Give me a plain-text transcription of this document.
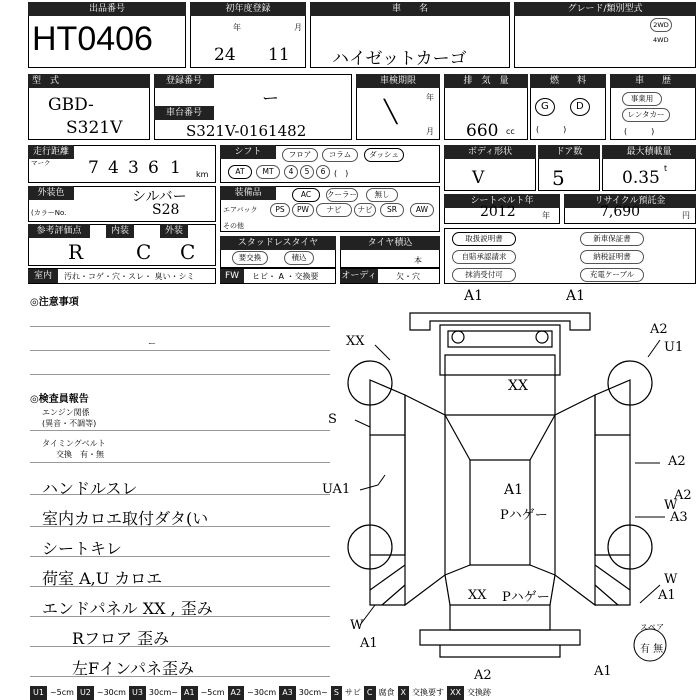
出品番号
HT0406
初年度登録
年	月
24 11
車　　名
ハイゼットカーゴ
グレード/類別型式
2WD
4WD
型　式
GBD-
S321V
登録番号
ー
車台番号
S321V-0161482
車検期限
年
月
╲
排　気　量
660 cc
燃　　料
G	D
(　　　)
車　　歴
事業用
レンタカー
(　　　)
走行距離
マーク 7 4 3 6 1 km
シフト	フロア	コラム	ダッシュ
AT	MT	4	5	6	(　)
ボディ形状
V
ドア数
5
最大積載量
0.35 t
外装色	シルバー
(カラーNo.	S28
装備品	AC	クーラー	無し
エアバック	PS	PW	ナビ	ナビ	SR	AW
その他
シートベルト年
2012	年
リサイクル預託金
7,690	円
参考評価点	内装	外装
R	C C	スタッドレスタイヤ
要交換	積込
タイヤ積込
本
取扱説明書	新車保証書
自賠承認請求	納税証明書
抹消受付可	充電ケーブル
室内	汚れ・コゲ・穴・スレ・ 臭い・シミ	FW	ヒビ・ A ・交換要	オーディオ
欠・穴
◎注意事項
ー
◎検査員報告
エンジン関係
(異音・不調等)
タイミングベルト
交換　有・無
ハンドルスレ
室内カロエ取付ダタ(い
シートキレ
荷室 A,U カロエ
エンドパネル XX , 歪み
Rフロア 歪み
左Fインパネ歪み
A1	A1
A2
U1
XX
XX
S
A2
UA1	A1
Pハゲー
A2
W
A3
XX Pハゲー
W
A1
W
A1
A2	A1
スペア
有 無
U1 ~5cm U2 ~30cm U3 30cm~ A1 ~5cm A2 ~30cm A3 30cm~ S サビ C 腐食 X 交換要す XX 交換跡
